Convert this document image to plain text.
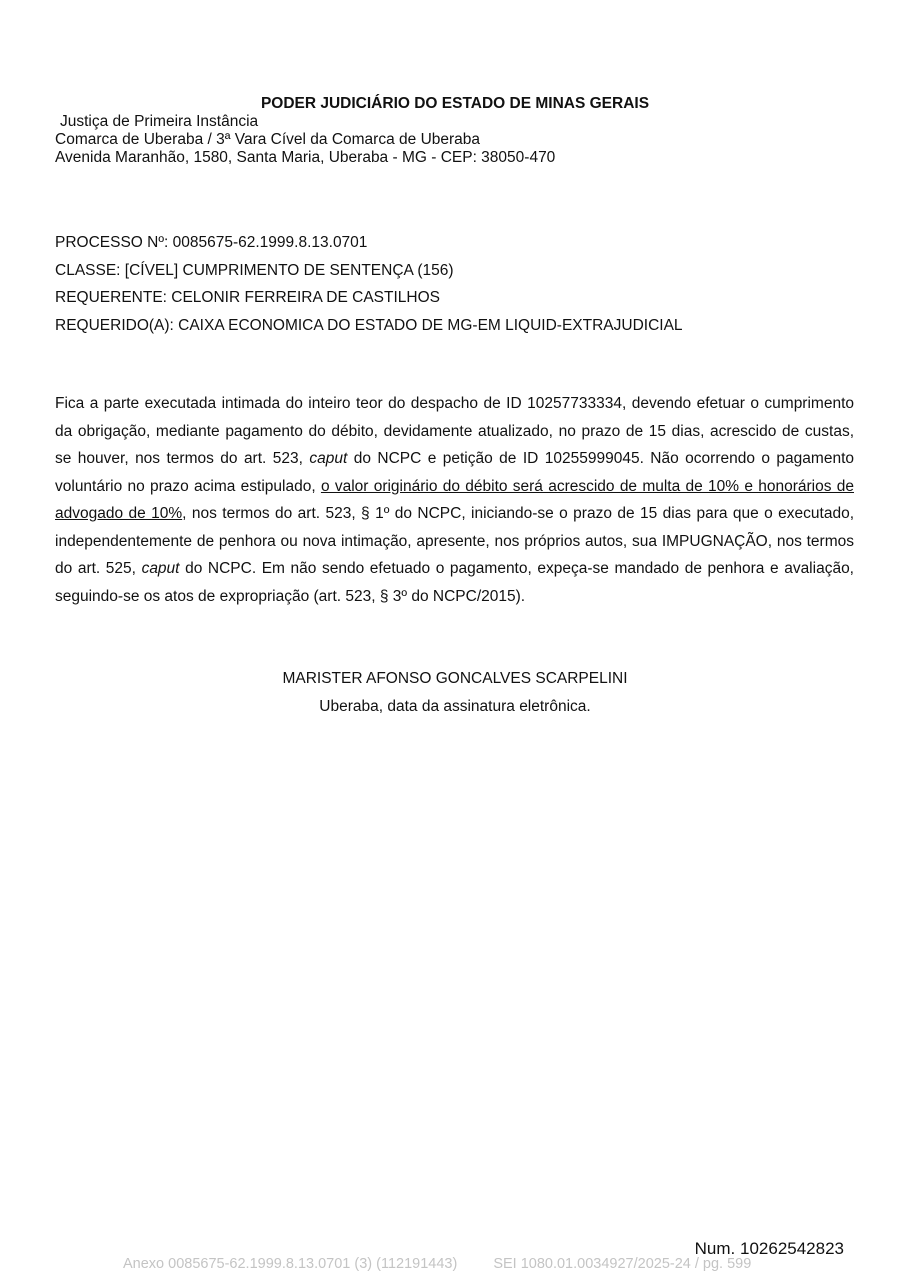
PODER JUDICIÁRIO DO ESTADO DE MINAS GERAIS
Justiça de Primeira Instância
Comarca de Uberaba / 3ª Vara Cível da Comarca de Uberaba
Avenida Maranhão, 1580, Santa Maria, Uberaba - MG - CEP: 38050-470
PROCESSO Nº: 0085675-62.1999.8.13.0701
CLASSE: [CÍVEL] CUMPRIMENTO DE SENTENÇA (156)
REQUERENTE: CELONIR FERREIRA DE CASTILHOS
REQUERIDO(A): CAIXA ECONOMICA DO ESTADO DE MG-EM LIQUID-EXTRAJUDICIAL

Fica a parte executada intimada do inteiro teor do despacho de ID 10257733334, devendo efetuar o cumprimento da obrigação, mediante pagamento do débito, devidamente atualizado, no prazo de 15 dias, acrescido de custas, se houver, nos termos do art. 523, caput do NCPC e petição de ID 10255999045. Não ocorrendo o pagamento voluntário no prazo acima estipulado, o valor originário do débito será acrescido de multa de 10% e honorários de advogado de 10%, nos termos do art. 523, § 1º do NCPC, iniciando-se o prazo de 15 dias para que o executado, independentemente de penhora ou nova intimação, apresente, nos próprios autos, sua IMPUGNAÇÃO, nos termos do art. 525, caput do NCPC. Em não sendo efetuado o pagamento, expeça-se mandado de penhora e avaliação, seguindo-se os atos de expropriação (art. 523, § 3º do NCPC/2015).

MARISTER AFONSO GONCALVES SCARPELINI
Uberaba, data da assinatura eletrônica.
Num. 10262542823
Anexo 0085675-62.1999.8.13.0701 (3) (112191443) SEI 1080.01.0034927/2025-24 / pg. 599
